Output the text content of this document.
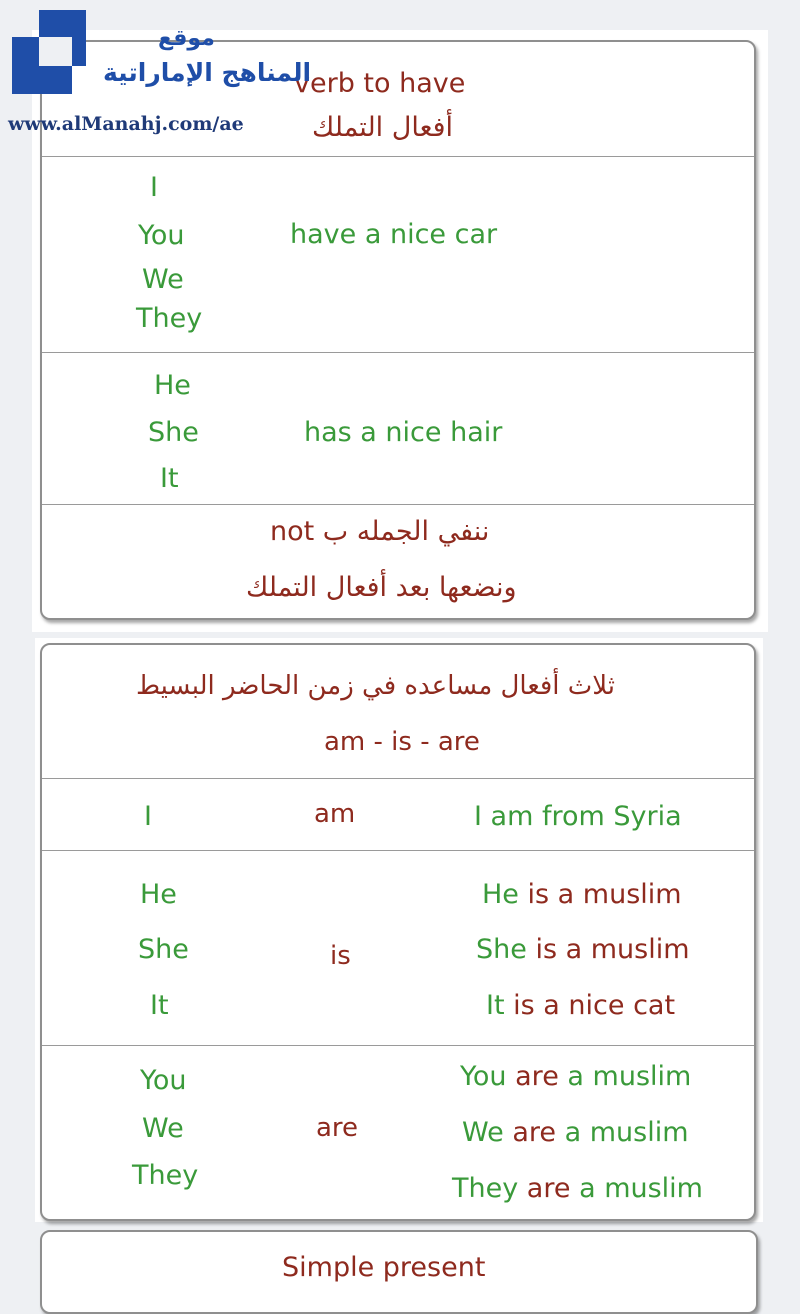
verb to have
أفعال التملك
I
You
We
They
have a nice car
He
She
It
has a nice hair
ننفي الجمله ب not
ونضعها بعد أفعال التملك
ثلاث أفعال مساعده في زمن الحاضر البسيط
am - is - are
I	am	I am from Syria
He
She
It
is
He is a muslim
She is a muslim
It is a nice cat
You
We
They
are
You are a muslim
We are a muslim
They are a muslim
Simple present
موقع
المناهج الإماراتية
www.alManahj.com/ae
